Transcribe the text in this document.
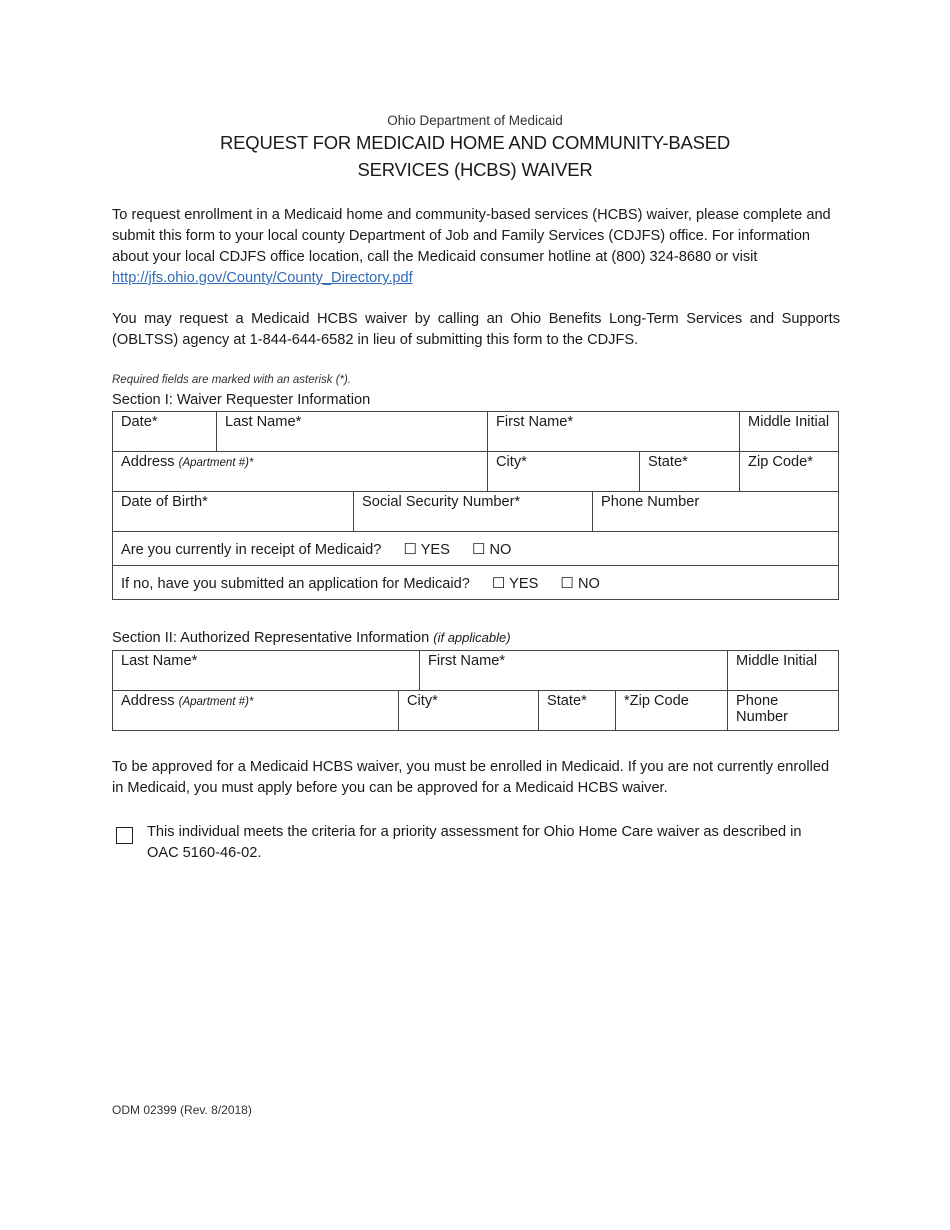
Ohio Department of Medicaid
REQUEST FOR MEDICAID HOME AND COMMUNITY-BASED
SERVICES (HCBS) WAIVER
To request enrollment in a Medicaid home and community-based services (HCBS) waiver, please complete and submit this form to your local county Department of Job and Family Services (CDJFS) office. For information about your local CDJFS office location, call the Medicaid consumer hotline at (800) 324-8680 or visit http://jfs.ohio.gov/County/County_Directory.pdf
You may request a Medicaid HCBS waiver by calling an Ohio Benefits Long-Term Services and Supports (OBLTSS) agency at 1-844-644-6582 in lieu of submitting this form to the CDJFS.
Required fields are marked with an asterisk (*).
Section I: Waiver Requester Information
Date*	Last Name*		First Name*			Middle Initial
Address (Apartment #)*			City*		State*	Zip Code*
Date of Birth*		Social Security Number*		Phone Number		
Are you currently in receipt of Medicaid? ☐ YES ☐ NO						
If no, have you submitted an application for Medicaid? ☐ YES ☐ NO						
Section II: Authorized Representative Information (if applicable)
Last Name*		First Name*			Middle Initial
Address (Apartment #)*	City*		State*	*Zip Code	Phone Number
To be approved for a Medicaid HCBS waiver, you must be enrolled in Medicaid. If you are not currently enrolled in Medicaid, you must apply before you can be approved for a Medicaid HCBS waiver.
This individual meets the criteria for a priority assessment for Ohio Home Care waiver as described in OAC 5160-46-02.
ODM 02399 (Rev. 8/2018)
